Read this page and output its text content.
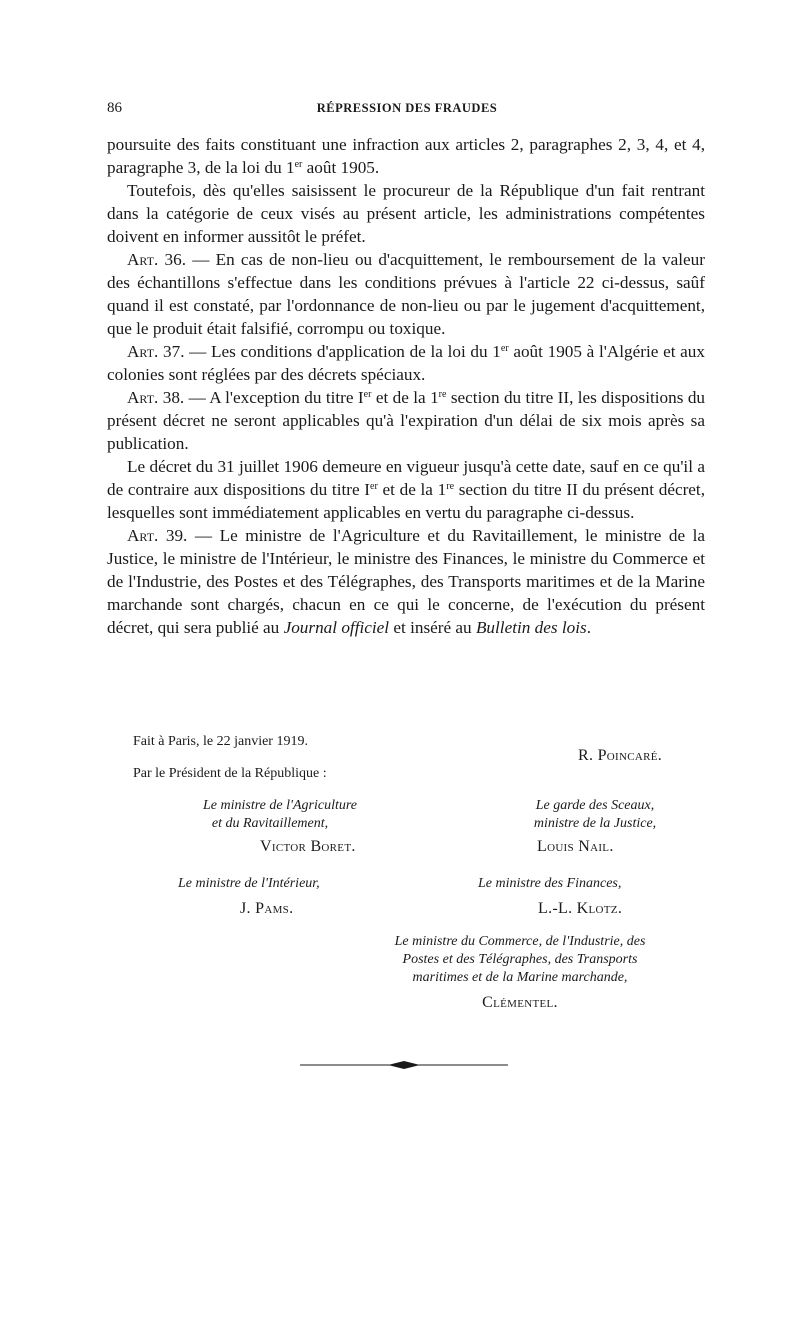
86	RÉPRESSION DES FRAUDES

poursuite des faits constituant une infraction aux articles 2, paragraphes 2, 3, 4, et 4, paragraphe 3, de la loi du 1er août 1905.

Toutefois, dès qu'elles saisissent le procureur de la République d'un fait rentrant dans la catégorie de ceux visés au présent article, les administrations compétentes doivent en informer aussitôt le préfet.

Art. 36. — En cas de non-lieu ou d'acquittement, le remboursement de la valeur des échantillons s'effectue dans les conditions prévues à l'article 22 ci-dessus, saûf quand il est constaté, par l'ordonnance de non-lieu ou par le jugement d'acquittement, que le produit était falsifié, corrompu ou toxique.

Art. 37. — Les conditions d'application de la loi du 1er août 1905 à l'Algérie et aux colonies sont réglées par des décrets spéciaux.

Art. 38. — A l'exception du titre Ier et de la 1re section du titre II, les dispositions du présent décret ne seront applicables qu'à l'expiration d'un délai de six mois après sa publication.

Le décret du 31 juillet 1906 demeure en vigueur jusqu'à cette date, sauf en ce qu'il a de contraire aux dispositions du titre Ier et de la 1re section du titre II du présent décret, lesquelles sont immédiatement applicables en vertu du paragraphe ci-dessus.

Art. 39. — Le ministre de l'Agriculture et du Ravitaillement, le ministre de la Justice, le ministre de l'Intérieur, le ministre des Finances, le ministre du Commerce et de l'Industrie, des Postes et des Télégraphes, des Transports maritimes et de la Marine marchande sont chargés, chacun en ce qui le concerne, de l'exécution du présent décret, qui sera publié au Journal officiel et inséré au Bulletin des lois.

Fait à Paris, le 22 janvier 1919.
R. Poincaré.
Par le Président de la République :
Le ministre de l'Agriculture
et du Ravitaillement,
Victor Boret.
Le garde des Sceaux,
ministre de la Justice,
Louis Nail.
Le ministre de l'Intérieur,
J. Pams.
Le ministre des Finances,
L.-L. Klotz.
Le ministre du Commerce, de l'Industrie, des
Postes et des Télégraphes, des Transports
maritimes et de la Marine marchande,
Clémentel.
